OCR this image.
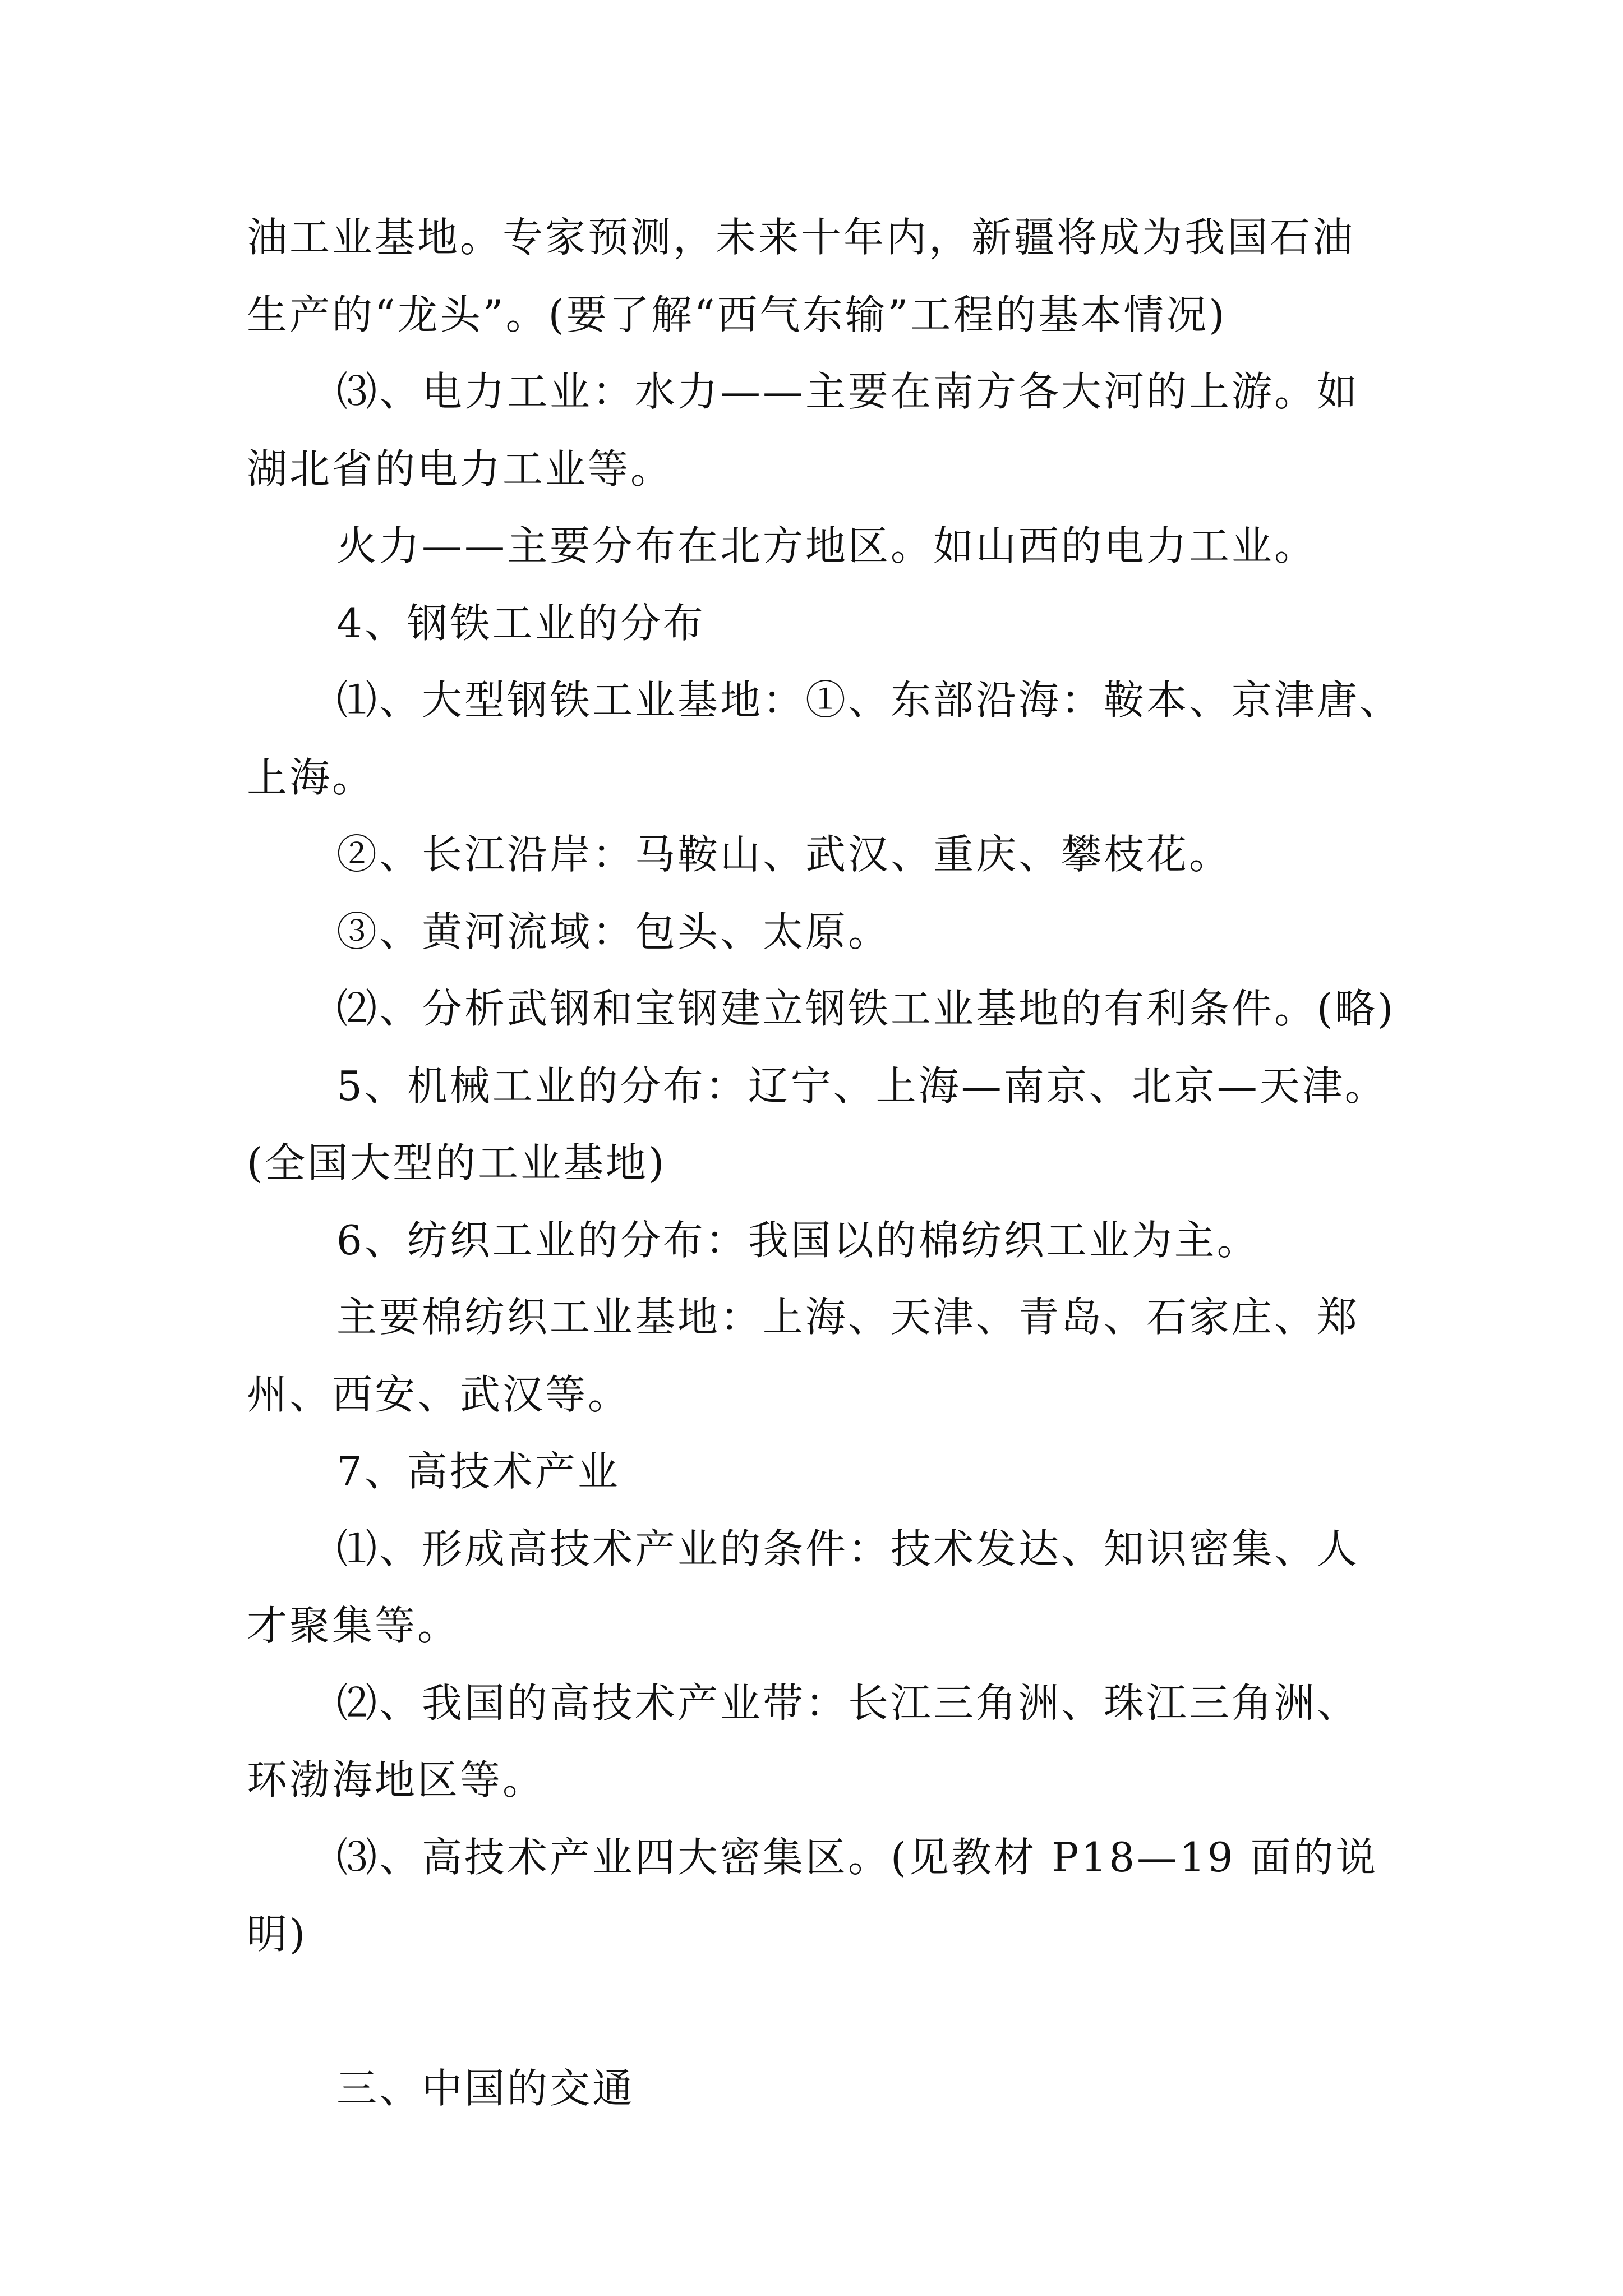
油工业基地。专家预测，未来十年内，新疆将成为我国石油
生产的“龙头”。(要了解“西气东输”工程的基本情况)
⑶、电力工业：水力——主要在南方各大河的上游。如
湖北省的电力工业等。
火力——主要分布在北方地区。如山西的电力工业。
4、钢铁工业的分布
⑴、大型钢铁工业基地：①、东部沿海：鞍本、京津唐、
上海。
②、长江沿岸：马鞍山、武汉、重庆、攀枝花。
③、黄河流域：包头、太原。
⑵、分析武钢和宝钢建立钢铁工业基地的有利条件。(略)
5、机械工业的分布：辽宁、上海—南京、北京—天津。
(全国大型的工业基地)
6、纺织工业的分布：我国以的棉纺织工业为主。
主要棉纺织工业基地：上海、天津、青岛、石家庄、郑
州、西安、武汉等。
7、高技术产业
⑴、形成高技术产业的条件：技术发达、知识密集、人
才聚集等。
⑵、我国的高技术产业带：长江三角洲、珠江三角洲、
环渤海地区等。
⑶、高技术产业四大密集区。(见教材 P18—19 面的说
明)
三、中国的交通
